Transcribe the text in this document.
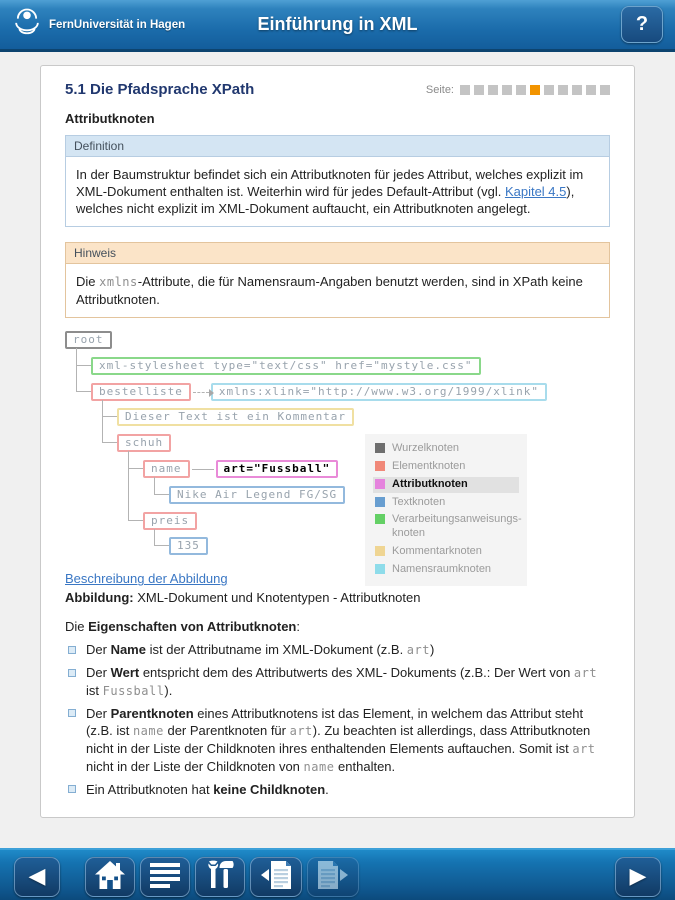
FernUniversität in Hagen	Einführung in XML	?
5.1 Die Pfadsprache XPath	Seite:
Attributknoten
Definition
In der Baumstruktur befindet sich ein Attributknoten für jedes Attribut, welches explizit im XML-Dokument enthalten ist. Weiterhin wird für jedes Default-Attribut (vgl. Kapitel 4.5), welches nicht explizit im XML-Dokument auftaucht, ein Attributknoten angelegt.
Hinweis
Die xmlns-Attribute, die für Namensraum-Angaben benutzt werden, sind in XPath keine Attributknoten.
root
xml-stylesheet type="text/css" href="mystyle.css"
bestelliste	xmlns:xlink="http://www.w3.org/1999/xlink"
Dieser Text ist ein Kommentar
schuh
name	art="Fussball"
Nike Air Legend FG/SG
preis
135
Wurzelknoten
Elementknoten
Attributknoten
Textknoten
Verarbeitungsanweisungs-knoten
Kommentarknoten
Namensraumknoten
Beschreibung der Abbildung
Abbildung: XML-Dokument und Knotentypen - Attributknoten
Die Eigenschaften von Attributknoten:
Der Name ist der Attributname im XML-Dokument (z.B. art)
Der Wert entspricht dem des Attributwerts des XML- Dokuments (z.B.: Der Wert von art ist Fussball).
Der Parentknoten eines Attributknotens ist das Element, in welchem das Attribut steht (z.B. ist name der Parentknoten für art). Zu beachten ist allerdings, dass Attributknoten nicht in der Liste der Childknoten ihres enthaltenden Elements auftauchen. Somit ist art nicht in der Liste der Childknoten von name enthalten.
Ein Attributknoten hat keine Childknoten.
◀	▶
